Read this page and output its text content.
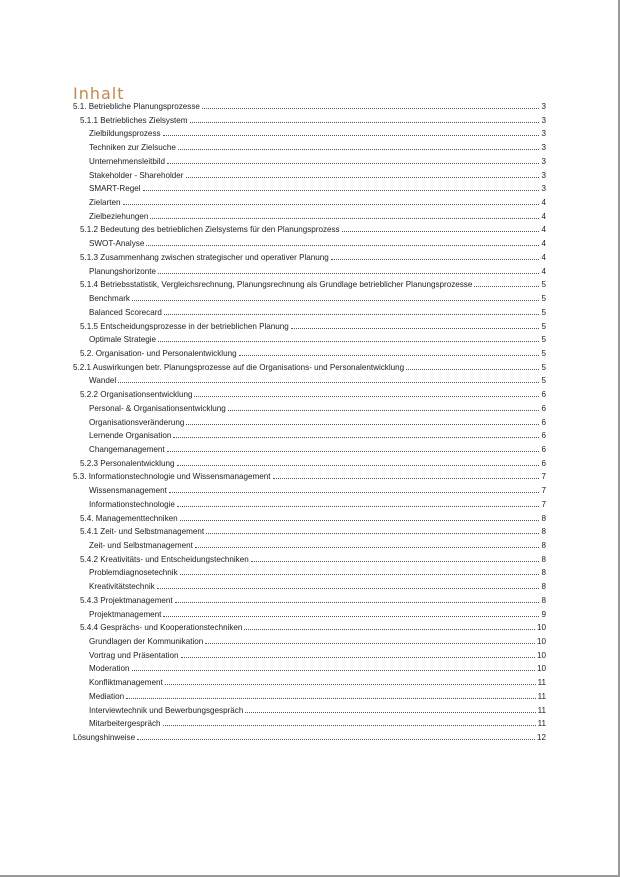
Inhalt
5.1. Betriebliche Planungsprozesse	3
5.1.1 Betriebliches Zielsystem	3
Zielbildungsprozess	3
Techniken zur Zielsuche	3
Unternehmensleitbild	3
Stakeholder - Shareholder	3
SMART-Regel	3
Zielarten	4
Zielbeziehungen	4
5.1.2 Bedeutung des betrieblichen Zielsystems für den Planungsprozess	4
SWOT-Analyse	4
5.1.3 Zusammenhang zwischen strategischer und operativer Planung	4
Planungshorizonte	4
5.1.4 Betriebsstatistik, Vergleichsrechnung, Planungsrechnung als Grundlage betrieblicher Planungsprozesse	5
Benchmark	5
Balanced Scorecard	5
5.1.5 Entscheidungsprozesse in der betrieblichen Planung	5
Optimale Strategie	5
5.2. Organisation- und Personalentwicklung	5
5.2.1 Auswirkungen betr. Planungsprozesse auf die Organisations- und Personalentwicklung	5
Wandel	5
5.2.2 Organisationsentwicklung	6
Personal- & Organisationsentwicklung	6
Organisationsveränderung	6
Lernende Organisation	6
Changemanagement	6
5.2.3 Personalentwicklung	6
5.3. Informationstechnologie und Wissensmanagement	7
Wissensmanagement	7
Informationstechnologie	7
5.4. Managementtechniken	8
5.4.1 Zeit- und Selbstmanagement	8
Zeit- und Selbstmanagement	8
5.4.2 Kreativitäts- und Entscheidungstechniken	8
Problemdiagnosetechnik	8
Kreativitätstechnik	8
5.4.3 Projektmanagement	8
Projektmanagement	9
5.4.4 Gesprächs- und Kooperationstechniken	10
Grundlagen der Kommunikation	10
Vortrag und Präsentation	10
Moderation	10
Konfliktmanagement	11
Mediation	11
Interviewtechnik und Bewerbungsgespräch	11
Mitarbeitergespräch	11
Lösungshinweise	12
